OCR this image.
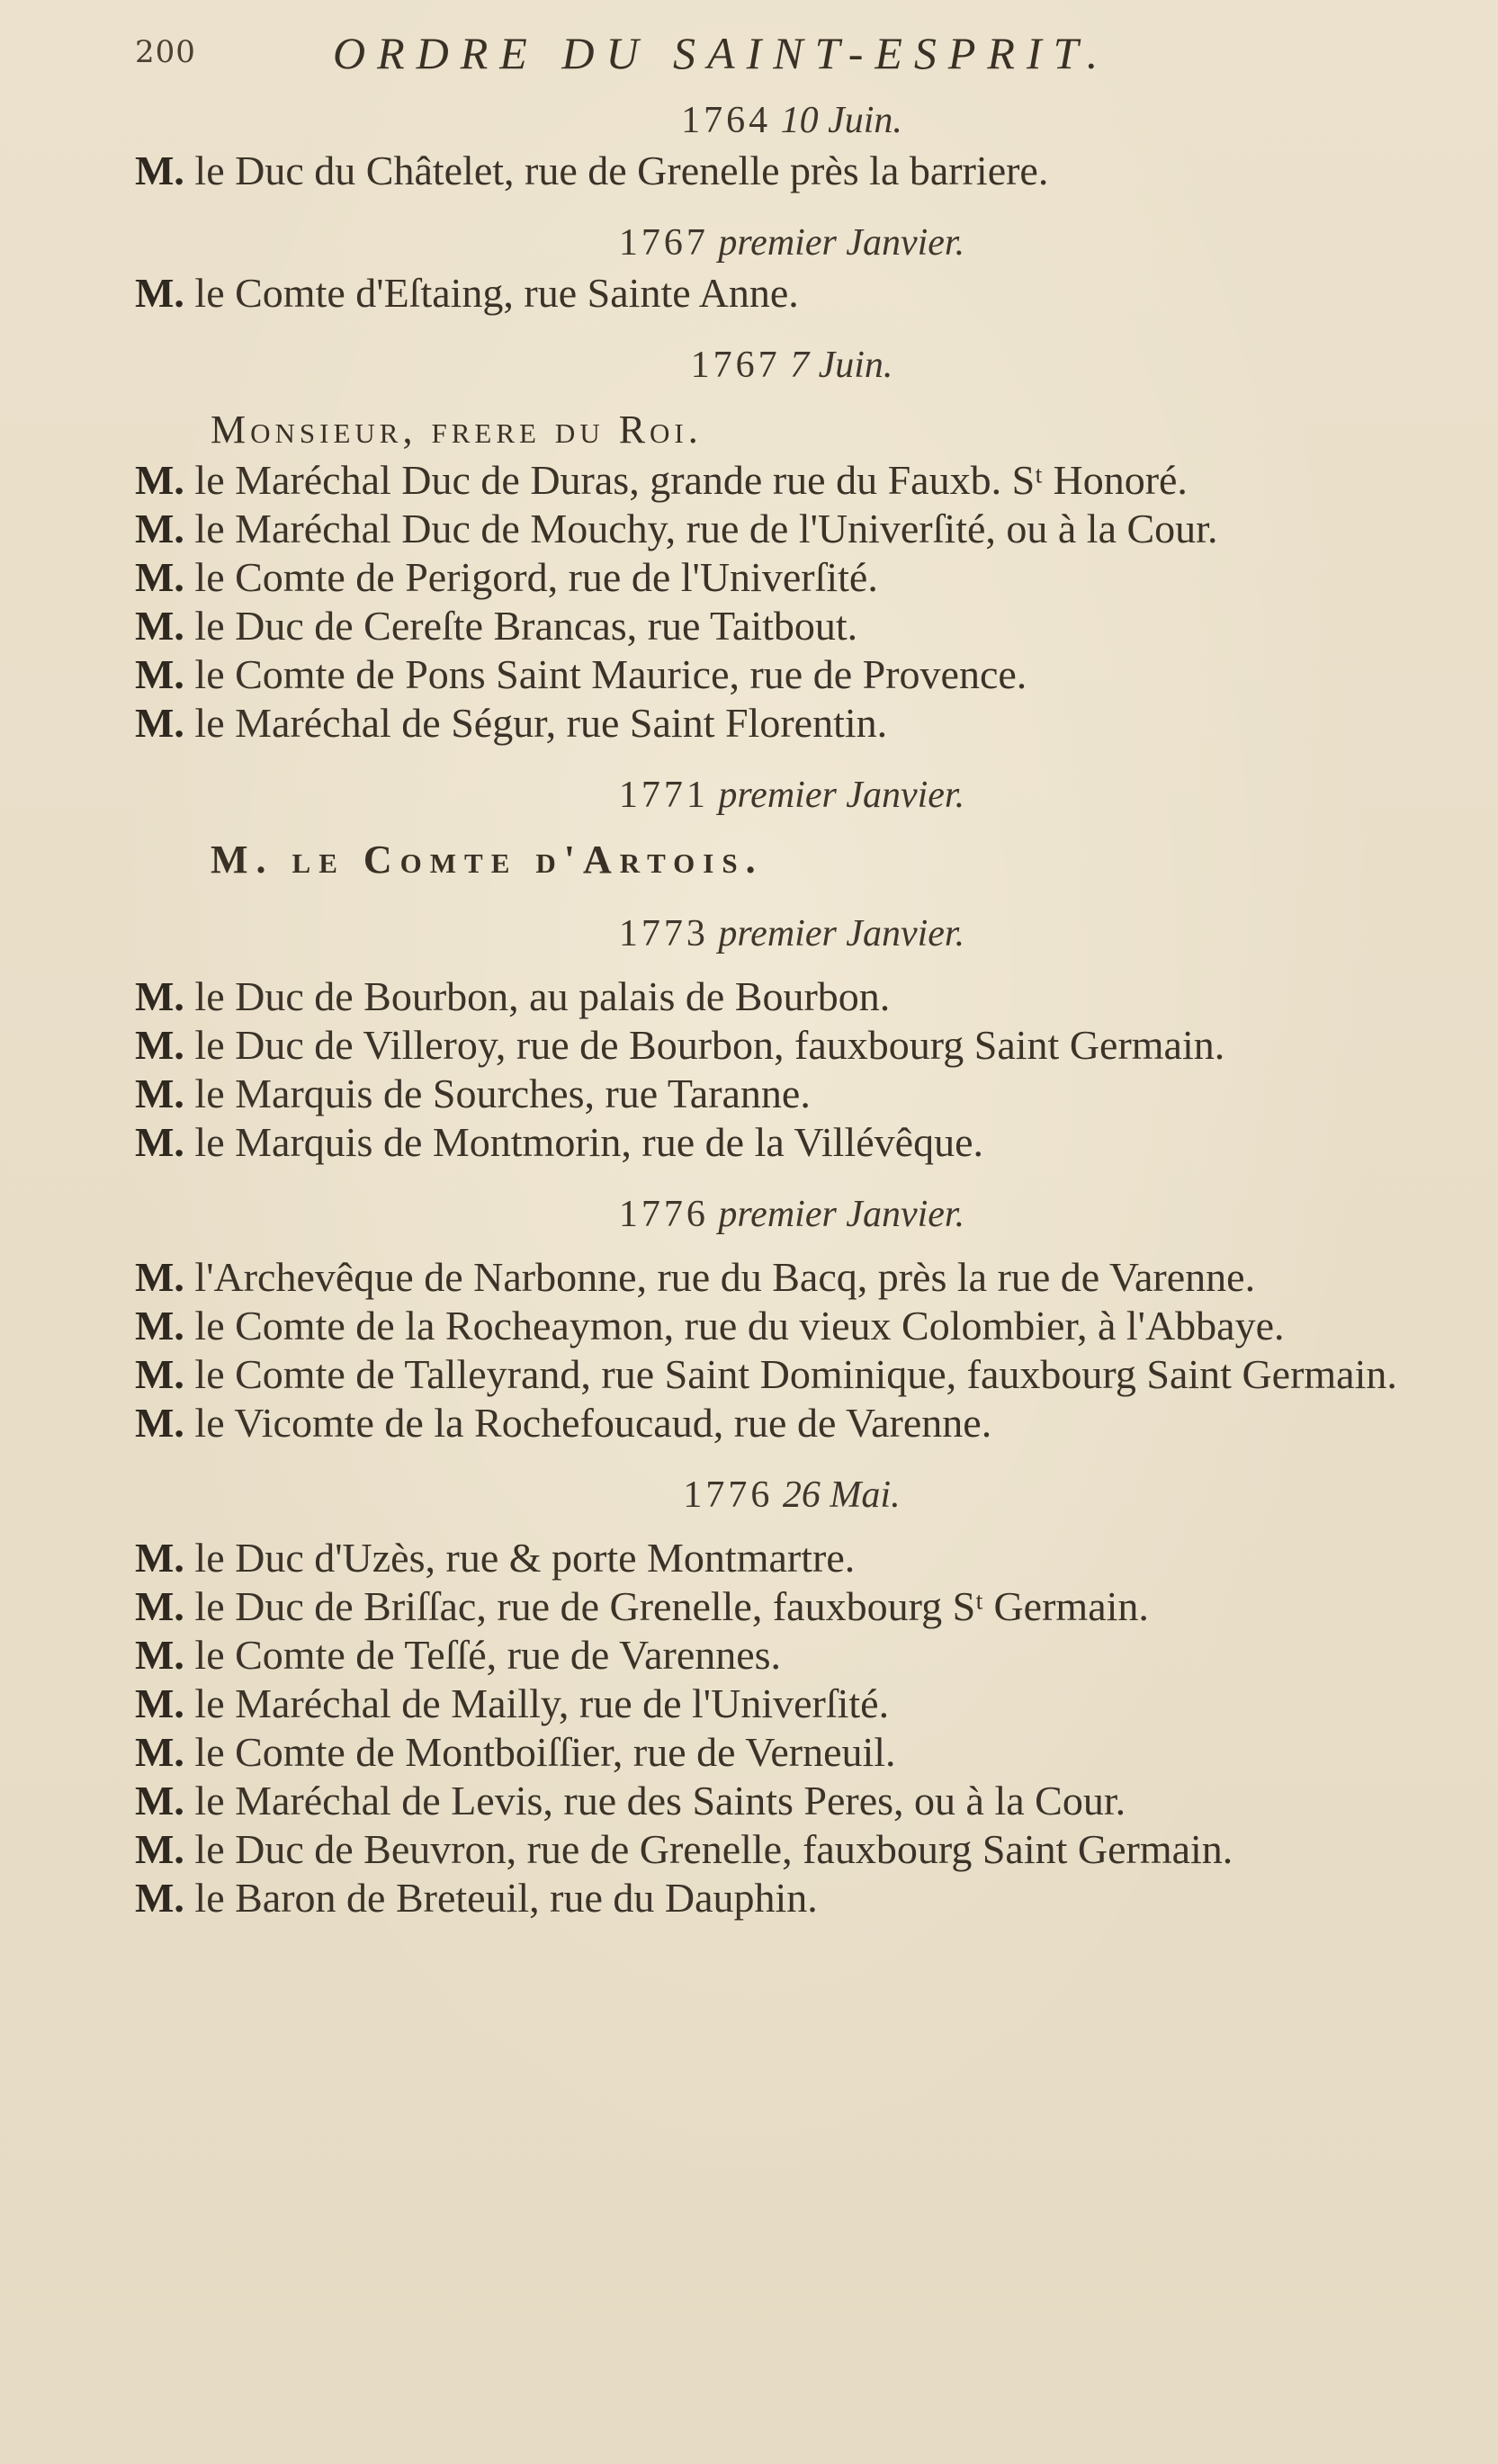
200	ORDRE DU SAINT-ESPRIT.

1764 10 Juin.

M. le Duc du Châtelet, rue de Grenelle près la barriere.

1767 premier Janvier.

M. le Comte d'Eſtaing, rue Sainte Anne.

1767 7 Juin.

Monsieur, frere du Roi.

M. le Maréchal Duc de Duras, grande rue du Fauxb. Sᵗ Honoré.

M. le Maréchal Duc de Mouchy, rue de l'Univerſité, ou à la Cour.

M. le Comte de Perigord, rue de l'Univerſité.

M. le Duc de Cereſte Brancas, rue Taitbout.

M. le Comte de Pons Saint Maurice, rue de Provence.

M. le Maréchal de Ségur, rue Saint Florentin.

1771 premier Janvier.

M. le Comte d'Artois.

1773 premier Janvier.

M. le Duc de Bourbon, au palais de Bourbon.

M. le Duc de Villeroy, rue de Bourbon, fauxbourg Saint Germain.

M. le Marquis de Sourches, rue Taranne.

M. le Marquis de Montmorin, rue de la Villévêque.

1776 premier Janvier.

M. l'Archevêque de Narbonne, rue du Bacq, près la rue de Varenne.

M. le Comte de la Rocheaymon, rue du vieux Colombier, à l'Abbaye.

M. le Comte de Talleyrand, rue Saint Dominique, fauxbourg Saint Germain.

M. le Vicomte de la Rochefoucaud, rue de Varenne.

1776 26 Mai.

M. le Duc d'Uzès, rue & porte Montmartre.

M. le Duc de Briſſac, rue de Grenelle, fauxbourg Sᵗ Germain.

M. le Comte de Teſſé, rue de Varennes.

M. le Maréchal de Mailly, rue de l'Univerſité.

M. le Comte de Montboiſſier, rue de Verneuil.

M. le Maréchal de Levis, rue des Saints Peres, ou à la Cour.

M. le Duc de Beuvron, rue de Grenelle, fauxbourg Saint Germain.

M. le Baron de Breteuil, rue du Dauphin.
